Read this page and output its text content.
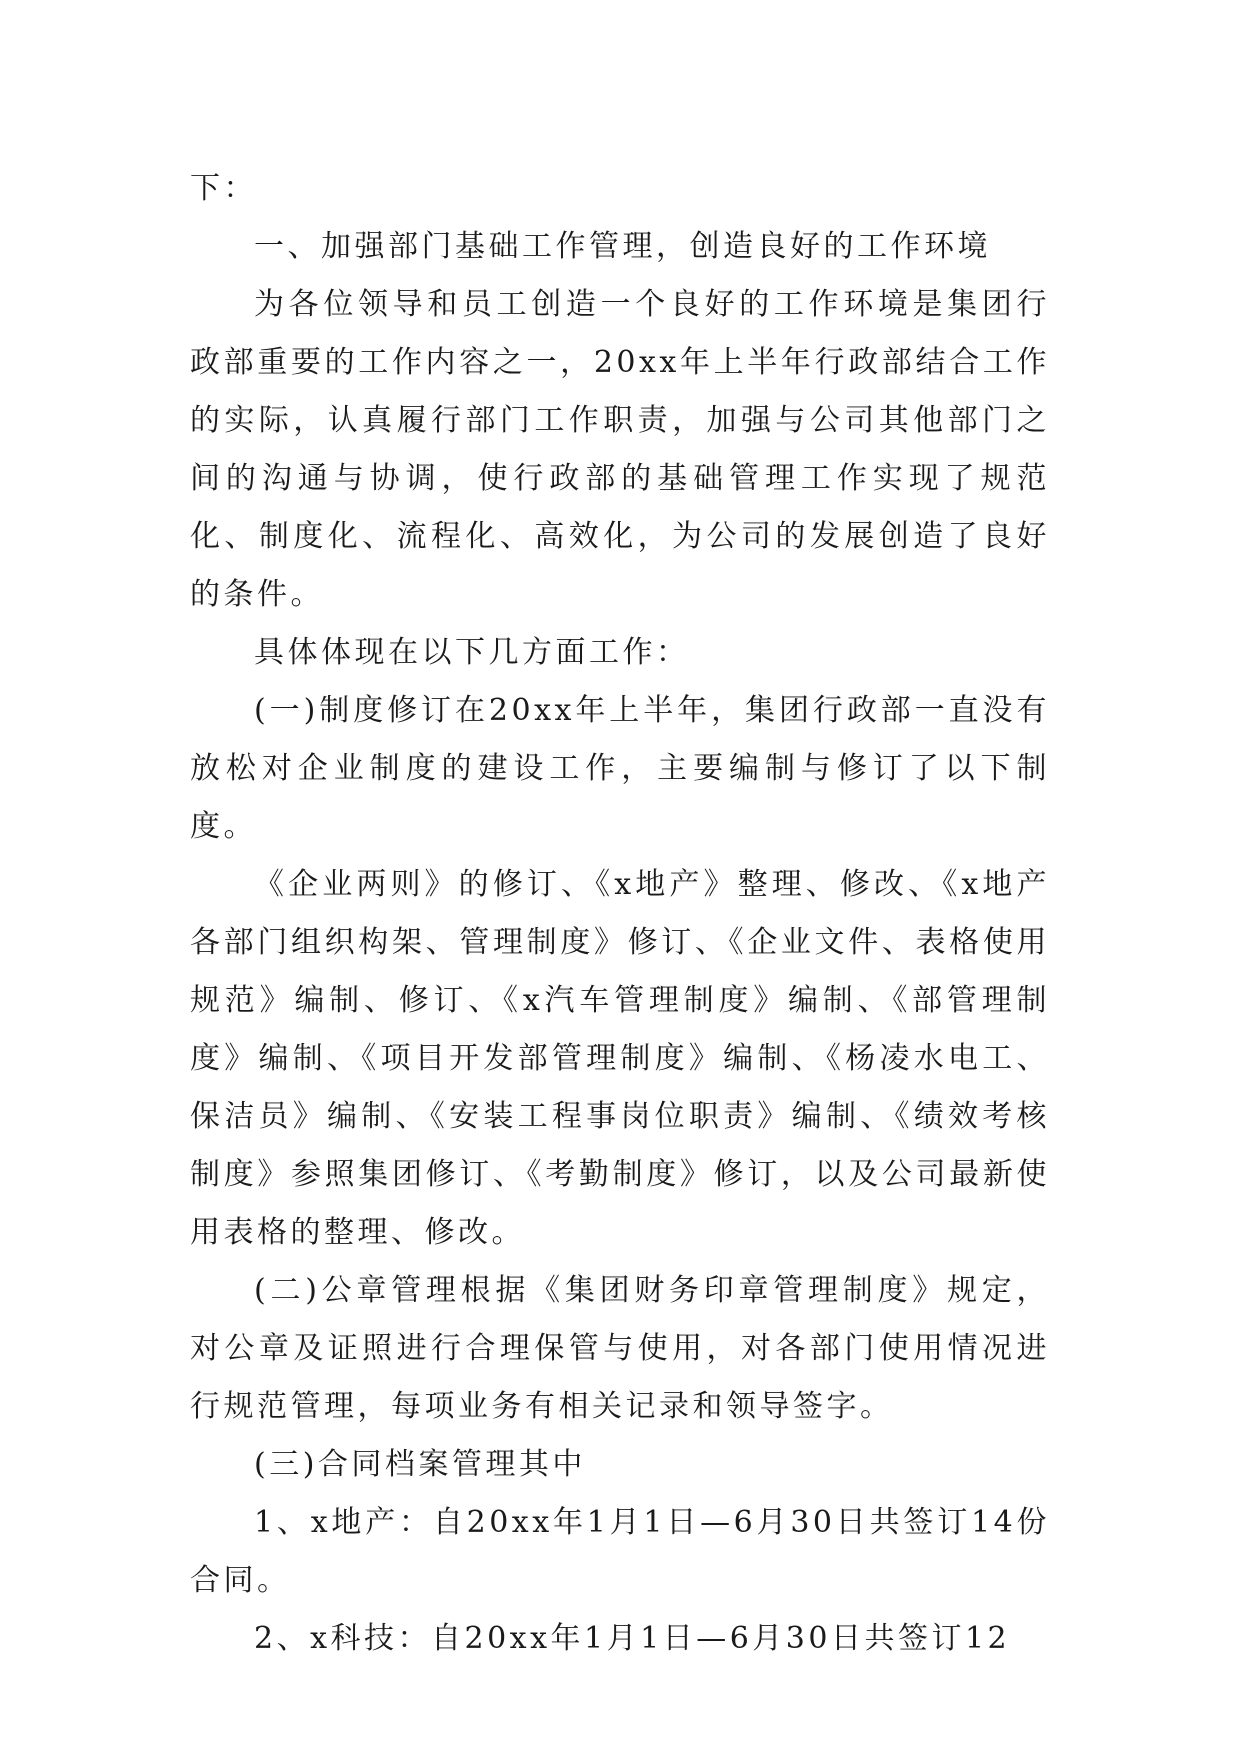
下：

一、加强部门基础工作管理，创造良好的工作环境

为各位领导和员工创造一个良好的工作环境是集团行政部重要的工作内容之一，20xx年上半年行政部结合工作的实际，认真履行部门工作职责，加强与公司其他部门之间的沟通与协调，使行政部的基础管理工作实现了规范化、制度化、流程化、高效化，为公司的发展创造了良好的条件。

具体体现在以下几方面工作：

(一)制度修订在20xx年上半年，集团行政部一直没有放松对企业制度的建设工作，主要编制与修订了以下制度。

《企业两则》的修订、《x地产》整理、修改、《x地产各部门组织构架、管理制度》修订、《企业文件、表格使用规范》编制、修订、《x汽车管理制度》编制、《部管理制度》编制、《项目开发部管理制度》编制、《杨凌水电工、保洁员》编制、《安装工程事岗位职责》编制、《绩效考核制度》参照集团修订、《考勤制度》修订，以及公司最新使用表格的整理、修改。

(二)公章管理根据《集团财务印章管理制度》规定，对公章及证照进行合理保管与使用，对各部门使用情况进行规范管理，每项业务有相关记录和领导签字。

(三)合同档案管理其中

1、x地产：自20xx年1月1日—6月30日共签订14份合同。

2、x科技：自20xx年1月1日—6月30日共签订12
